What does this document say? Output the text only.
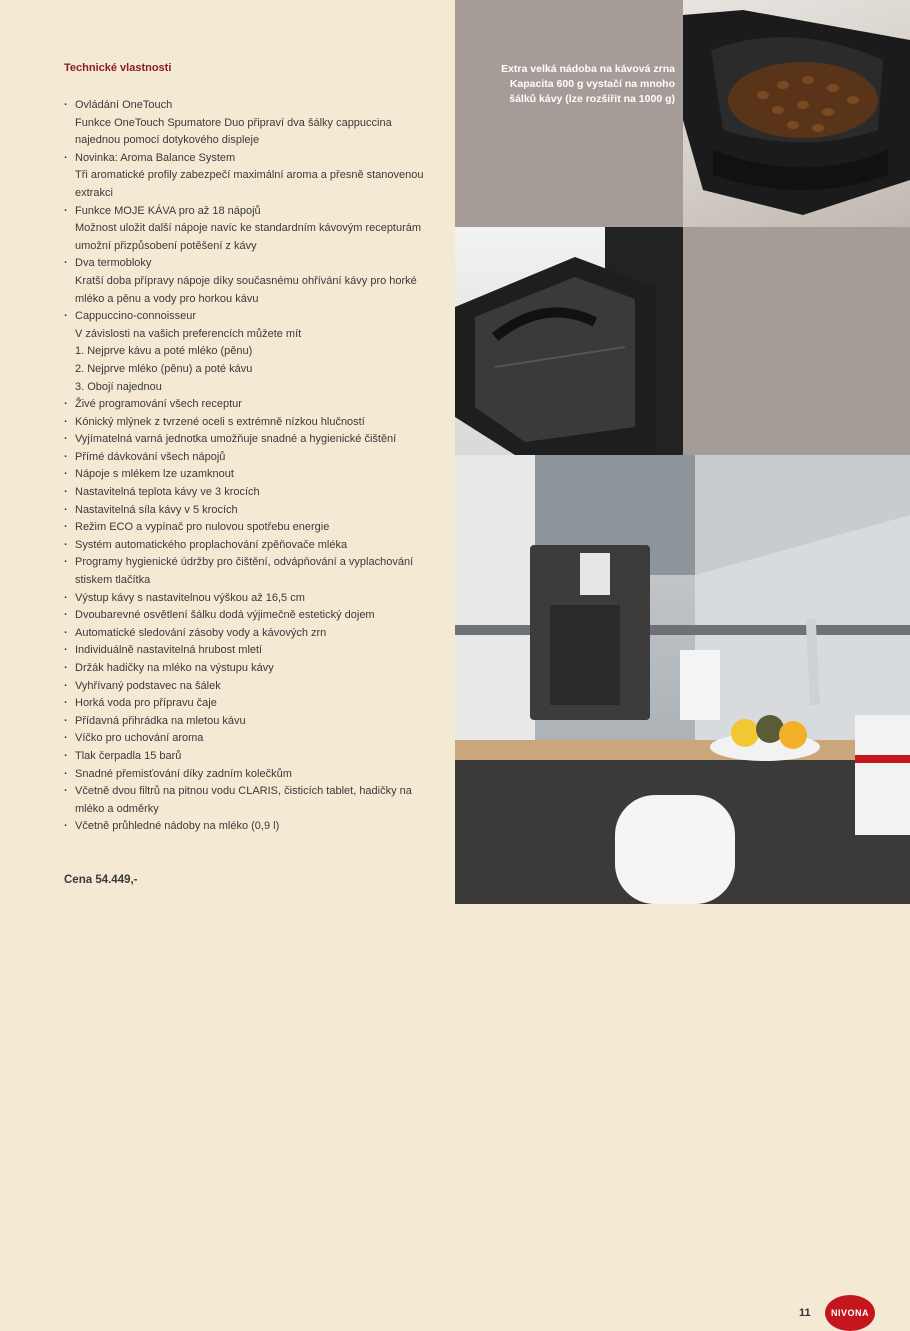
Technické vlastnosti
· Ovládání OneTouch
Funkce OneTouch Spumatore Duo připraví dva šálky cappuccina najednou pomocí dotykového displeje
· Novinka: Aroma Balance System
Tři aromatické profily zabezpečí maximální aroma a přesně stanovenou extrakci
· Funkce MOJE KÁVA pro až 18 nápojů
Možnost uložit další nápoje navíc ke standardním kávovým recepturám umožní přizpůsobení potěšení z kávy
· Dva termobloky
Kratší doba přípravy nápoje díky současnému ohřívání kávy pro horké mléko a pěnu a vody pro horkou kávu
· Cappuccino-connoisseur
V závislosti na vašich preferencích můžete mít
1. Nejprve kávu a poté mléko (pěnu)
2. Nejprve mléko (pěnu) a poté kávu
3. Obojí najednou
· Živé programování všech receptur
· Kónický mlýnek z tvrzené oceli s extrémně nízkou hlučností
· Vyjímatelná varná jednotka umožňuje snadné a hygienické čištění
· Přímé dávkování všech nápojů
· Nápoje s mlékem lze uzamknout
· Nastavitelná teplota kávy ve 3 krocích
· Nastavitelná síla kávy v 5 krocích
· Režim ECO a vypínač pro nulovou spotřebu energie
· Systém automatického proplachování zpěňovače mléka
· Programy hygienické údržby pro čištění, odvápňování a vyplachování stiskem tlačítka
· Výstup kávy s nastavitelnou výškou až 16,5 cm
· Dvoubarevné osvětlení šálku dodá výjimečně estetický dojem
· Automatické sledování zásoby vody a kávových zrn
· Individuálně nastavitelná hrubost mletí
· Držák hadičky na mléko na výstupu kávy
· Vyhřívaný podstavec na šálek
· Horká voda pro přípravu čaje
· Přídavná přihrádka na mletou kávu
· Víčko pro uchování aroma
· Tlak čerpadla 15 barů
· Snadné přemisťování díky zadním kolečkům
· Včetně dvou filtrů na pitnou vodu CLARIS, čisticích tablet, hadičky na mléko a odměrky
· Včetně průhledné nádoby na mléko (0,9 l)
Cena 54.449,-
Extra velká nádoba na kávová zrna
Kapacita 600 g vystačí na mnoho
šálků kávy (lze rozšířit na 1000 g)
11 NIVONA
